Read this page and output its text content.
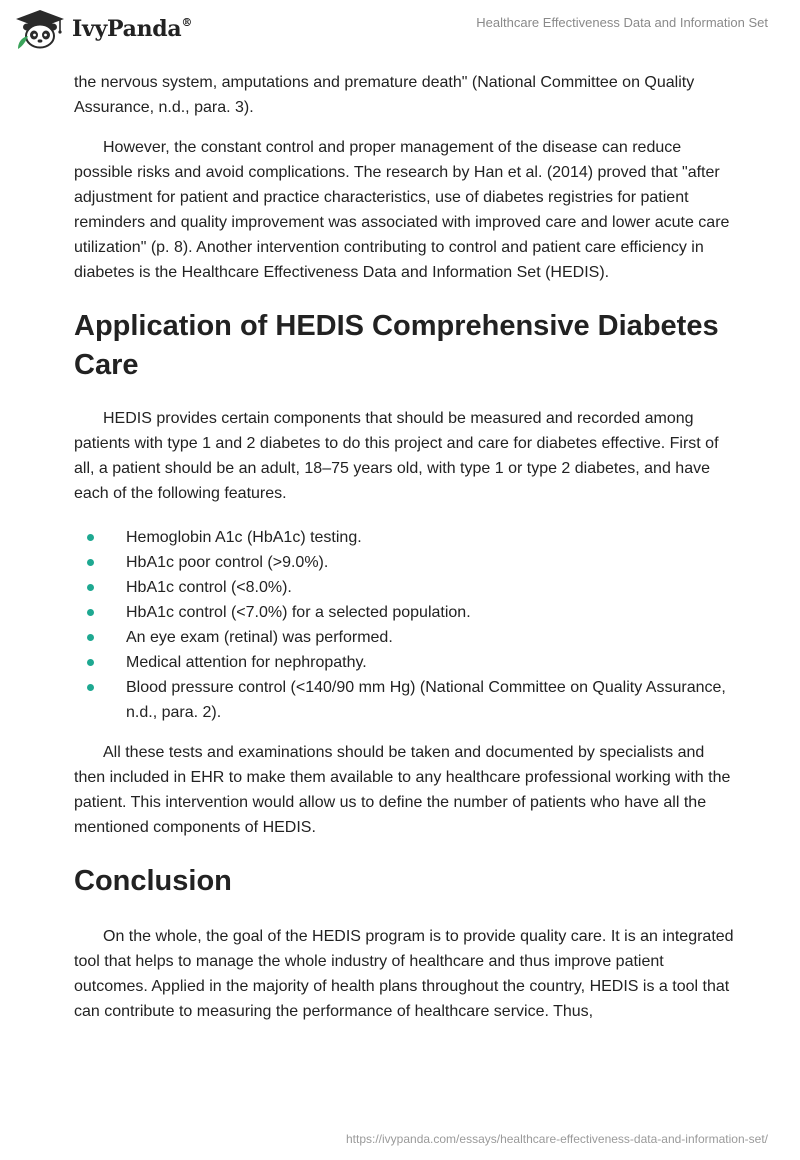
IvyPanda®	Healthcare Effectiveness Data and Information Set

the nervous system, amputations and premature death" (National Committee on Quality Assurance, n.d., para. 3).

However, the constant control and proper management of the disease can reduce possible risks and avoid complications. The research by Han et al. (2014) proved that "after adjustment for patient and practice characteristics, use of diabetes registries for patient reminders and quality improvement was associated with improved care and lower acute care utilization" (p. 8). Another intervention contributing to control and patient care efficiency in diabetes is the Healthcare Effectiveness Data and Information Set (HEDIS).

Application of HEDIS Comprehensive Diabetes Care

HEDIS provides certain components that should be measured and recorded among patients with type 1 and 2 diabetes to do this project and care for diabetes effective. First of all, a patient should be an adult, 18–75 years old, with type 1 or type 2 diabetes, and have each of the following features.

Hemoglobin A1c (HbA1c) testing.
HbA1c poor control (>9.0%).
HbA1c control (<8.0%).
HbA1c control (<7.0%) for a selected population.
An eye exam (retinal) was performed.
Medical attention for nephropathy.
Blood pressure control (<140/90 mm Hg) (National Committee on Quality Assurance, n.d., para. 2).

All these tests and examinations should be taken and documented by specialists and then included in EHR to make them available to any healthcare professional working with the patient. This intervention would allow us to define the number of patients who have all the mentioned components of HEDIS.

Conclusion

On the whole, the goal of the HEDIS program is to provide quality care. It is an integrated tool that helps to manage the whole industry of healthcare and thus improve patient outcomes. Applied in the majority of health plans throughout the country, HEDIS is a tool that can contribute to measuring the performance of healthcare service. Thus,

https://ivypanda.com/essays/healthcare-effectiveness-data-and-information-set/
